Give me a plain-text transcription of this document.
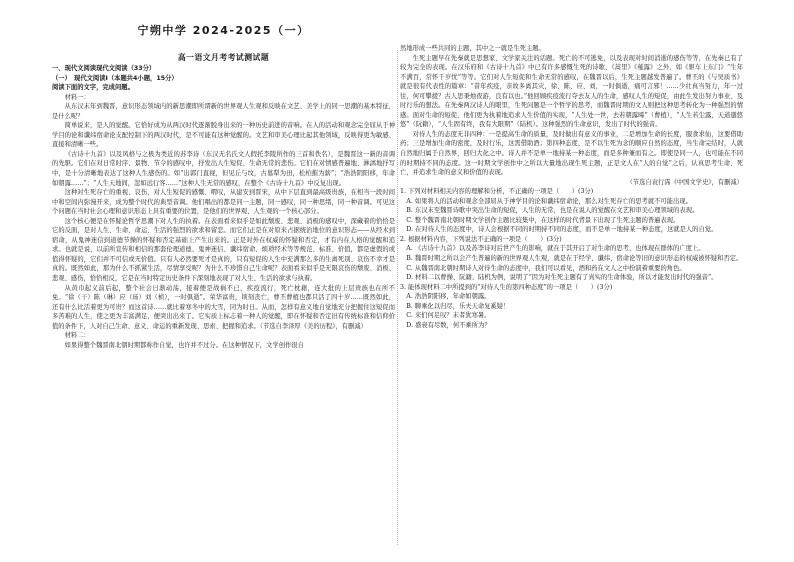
宁朔中学 2024-2025（一）
高一语文月考考试测试题

一、现代文阅读现代文阅读（33分）

（一）　现代文阅读Ⅰ（本题共4小题，15分）

阅读下面的文字，完成问题。

材料一：

从东汉末年到魏晋，意识形态领域内的新思潮即所谓新的世界观人生观和反映在文艺、美学上的同一思潮的基本特征，是什么呢？

简单说来，是人的觉醒。它恰好成为从两汉时代逐渐脱身出来的一种历史前进的音响。在人的活动和观念完全屈从于神学目的论和谶纬宿命论支配控制下的两汉时代，是不可能有这种觉醒的。文艺和审美心理比起其他领域，反映得更为敏感、直接和清晰一些。

《古诗十九首》以及风格与之极为类近的苏李诗（东汉无名氏文人假托李陵所作的三首和佚名），是魏晋这一新的音调的先驱。它们在对日常时序、景物、节令的感叹中，抒发出人生短促、生命无常的悲伤。它们在对情感普遍地、淋漓地抒写中，是十分清晰地表达了这种人生感伤的。如“出郭门直视，但见丘与坟，古墓犁为田，松柏摧为薪”；“浩浩阴阳移，年命如朝露……”；“人生天地间，忽如远行客……”这种人生无常的感叹，在整个《古诗十九首》中反复出现。

这种对生死存亡的重视、哀伤，对人生短促的感慨、喟叹，从建安到晋宋，从中下层直到最高级贵族，在相当一段时间中和空间内弥漫开来，成为整个时代的典型音调。他们唱出的都是同一主题，同一感叹，同一种思绪，同一种音调。可见这个问题在当时社会心理和意识形态上具有重要的位置，是他们的世界观、人生观的一个核心部分。

这个核心便是在怀疑论哲学思潮下对人生的执着。在表面看来似乎是如此颓废、悲观、消极的感叹中，深藏着的恰恰是它的反面，是对人生、生命、命运、生活的强烈的欲求和留恋。而它们正是在对原来占据统治地位的意识形态——从经术到宿命，从鬼神迷信到道德节操的怀疑和否定基础上产生出来的。正是对外在权威的怀疑和否定，才有内在人格的觉醒和追求。也就是说，以前所宣传和相信的那套伦理道德、鬼神迷信、谶纬宿命、烦琐经术等等规范、标准、价值，都是虚假的或值得怀疑的，它们并不可信或无价值。只有人必然要死才是真的，只有短促的人生中充满那么多的生离死别、哀伤不幸才是真的。既然如此，那为什么不抓紧生活，尽情享受呢？为什么不珍惜自己生命呢？表面看来似乎是无限哀伤的颓废、消极、悲观、感伤，恰恰相反，它是在当时特定历史条件下深刻地表现了对人生、生活的欲求与执着。

从黄巾起义前后起，整个社会日渐动荡，接着便是战祸不已，疾疫流行，死亡枕藉，连大批的上层贵族也在所不免。“徐（干）陈（琳）应（玚）刘（桢），一时俱逝”。荣华富贵，顷刻丧亡，曹丕曹植也都只活了四十岁……既然如此，还有什么比活着更为可贵？而这首诗……就比着寒冬中的大雪，同为时日。从而，怎样有意义地自觉地充分把握住这短促而多苦难的人生，使之更为丰富满足，便突出出来了。它实质上标志着一种人的觉醒，即在怀疑和否定旧有传统标准和信仰价值的条件下，人对自己生命、意义、命运的重新发现、思索、把握和追求。（节选自李泽厚《美的历程》，有删减）

材料二：

如果得整个魏晋南北朝时期都称作自觉，也许并不过分。在这种情况下，文学创作很自

然地形成一些共同的主题，其中之一就是生死主题。

生死主题早在先秦就是思想家、文学家关注的话题。死亡的不可逃免，以及表现对时间消逝的感伤等等，在先秦已有了较为完全的表现。在汉乐府和《古诗十九首》中已有许多感慨生死的诗歌，《蒿里》《薤露》之外，如《驱车上东门》“生年不满百，常怀千岁忧”等等。它们对人生短促和生命无常的感叹，在魏晋以后，生死主题越发普遍了。曹丕的《与吴质书》就是很有代表性的篇章：“昔年疾疫，亲故多离其灾，徐、陈、应、刘，一时俱逝，痛可言邪！……少壮真当努力，年一过往，何可攀援？古人思秉烛夜游，良有以也。”他回顾疾疫流行夺去友人的生命，感叹人生的短促，由此生发出努力事业、及时行乐的想法。在先秦两汉诗人的眼里，生死问题是一个哲学的思考，而魏晋时期的文人则把这种思考转化为一种强烈的情感。面对生命的短促，他们更为执着地追求人生价值的实现，“人生处一世，去若朝露晞”（曹植），“人生若尘露，天道邈悠悠”（阮籍），“人生固有终，我有大限期”（陆机）。这种强烈的生命意识，发出了时代的强音。

对待人生的态度无非四种：一是提高生命的质量，及时做出有意义的事业，二是增加生命的长度，服食求仙，这要借助药；三是增加生命的密度，及时行乐，这需借助酒；第四种态度，是不以生死为念的顺应自然的态度，当生命完结时，人就自然地归属于自然界，回归大化之中。诗人并不是单一地持某一种态度，而是多种兼而有之。即使是同一人，也可能在不同的时期持不同的态度。这一时期文学创作中之所以大量地出现生死主题，正是文人在“人的自觉”之后，认真思考生命、死亡，并追求生命的意义和价值的表现。

（节选自袁行霈《中国文学史》，有删减）

1. 下列对材料相关内容的理解和分析，不正确的一项是（　　）(3分)

A. 如果将人的活动和观念全部屈从于神学目的论和谶纬宿命论，那么对生死存亡的思考就不可能出现。

B. 东汉末至魏晋诗歌中突出生命的短促，人生的无常，也是在说人的觉醒在文艺和审美心理领域的表现。

C. 整个魏晋南北朝时期文学创作主题比较集中，在这样的时代背景下出现了生死主题的普遍表现。

D. 在对待人生的态度中，诗人会根据不同的时期持不同的态度，而不是单一地持某一种态度，这就是人的自觉。

2. 根据材料内容，下列说法不正确的一项是（　　）(3分)

A. 《古诗十九首》以及苏李诗对后世产生的影响，就在于其开启了对生命的思考，也体现在群体的广度上。

B. 魏晋时期之所以会产生普遍的新的世界观人生观，就是在于经学、谶纬、宿命论等旧的意识形态的权威被怀疑和否定。

C. 从魏晋南北朝时期诗人对待生命的态度中，我们可以看见，酒和药在文人之中扮演着重要的角色。

D. 材料二以曹操、阮籍、陆机为例，说明了“因为对生死主题有了真实的生命体验，所以才能发出时代的强音”。

3. 能体现材料二中所提到的“对待人生的第四种态度”的一项是（　　）(3分)

A. 浩浩阴阳移，年命如朝露。

B. 聊乘化以归尽，乐夫天命复奚疑！

C. 来们何足叹？末者犹寒暑。

D. 盛衰有尽数，何不乘所为？
